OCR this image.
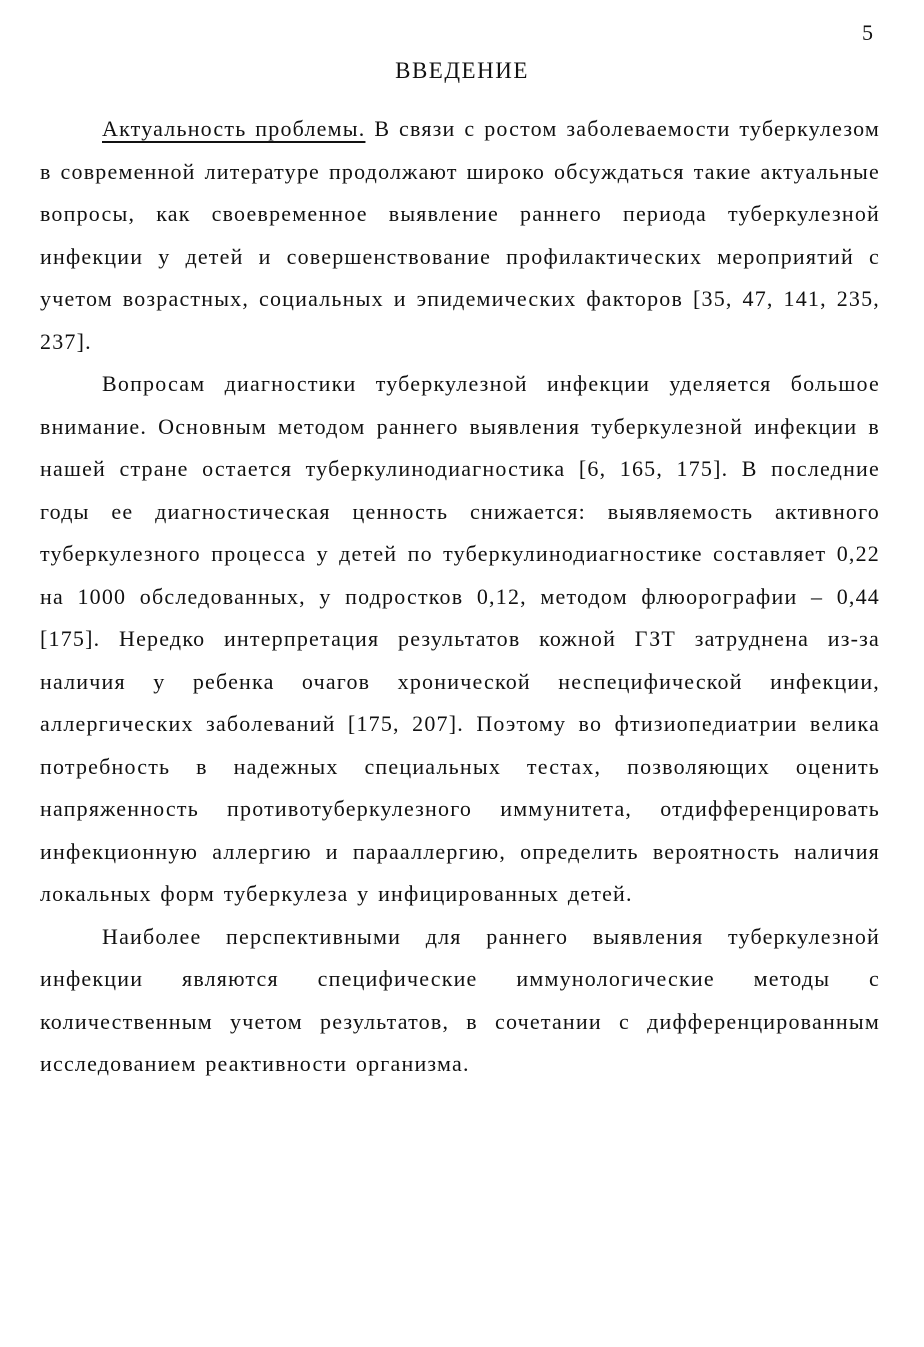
5
ВВЕДЕНИЕ

Актуальность проблемы. В связи с ростом заболеваемости туберкулезом в современной литературе продолжают широко обсуждаться такие актуальные вопросы, как своевременное выявление раннего периода туберкулезной инфекции у детей и совершенствование профилактических мероприятий с учетом возрастных, социальных и эпидемических факторов [35, 47, 141, 235, 237].

Вопросам диагностики туберкулезной инфекции уделяется большое внимание. Основным методом раннего выявления туберкулезной инфекции в нашей стране остается туберкулинодиагностика [6, 165, 175]. В последние годы ее диагностическая ценность снижается: выявляемость активного туберкулезного процесса у детей по туберкулинодиагностике составляет 0,22 на 1000 обследованных, у подростков 0,12, методом флюорографии – 0,44 [175]. Нередко интерпретация результатов кожной ГЗТ затруднена из-за наличия у ребенка очагов хронической неспецифической инфекции, аллергических заболеваний [175, 207]. Поэтому во фтизиопедиатрии велика потребность в надежных специальных тестах, позволяющих оценить напряженность противотуберкулезного иммунитета, отдифференцировать инфекционную аллергию и парааллергию, определить вероятность наличия локальных форм туберкулеза у инфицированных детей.

Наиболее перспективными для раннего выявления туберкулезной инфекции являются специфические иммунологические методы с количественным учетом результатов, в сочетании с дифференцированным исследованием реактивности организма.
